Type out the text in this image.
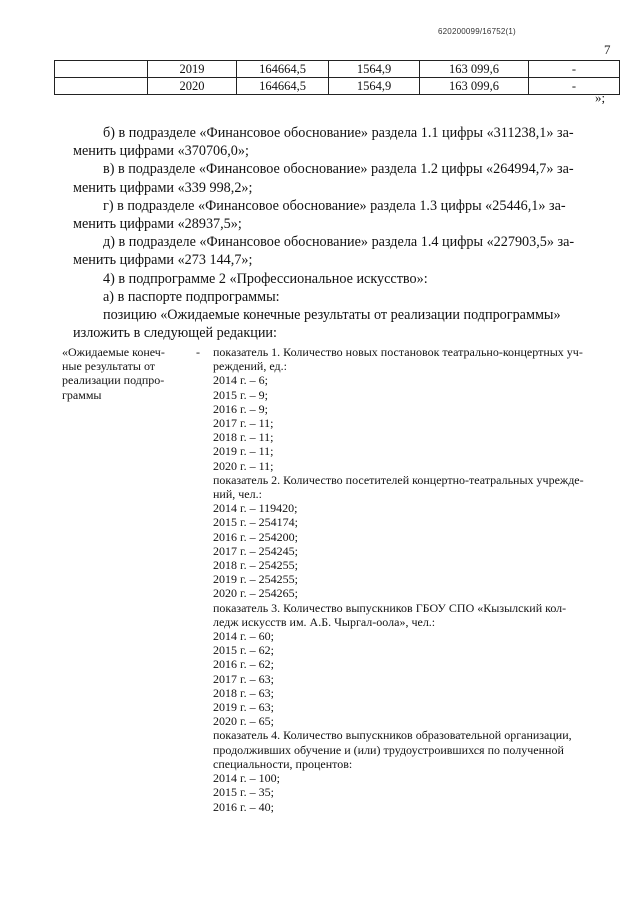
620200099/16752(1)
7
	2019	164664,5	1564,9	163 099,6	-
	2020	164664,5	1564,9	163 099,6	-
»;

б) в подразделе «Финансовое обоснование» раздела 1.1 цифры «311238,1» за-

менить цифрами «370706,0»;

в) в подразделе «Финансовое обоснование» раздела 1.2 цифры «264994,7» за-

менить цифрами «339 998,2»;

г) в подразделе «Финансовое обоснование» раздела 1.3 цифры «25446,1» за-

менить цифрами «28937,5»;

д) в подразделе «Финансовое обоснование» раздела 1.4 цифры «227903,5» за-

менить цифрами «273 144,7»;

4) в подпрограмме 2 «Профессиональное искусство»:

а) в паспорте подпрограммы:

позицию «Ожидаемые конечные результаты от реализации подпрограммы»

изложить в следующей редакции:

«Ожидаемые конеч-
ные результаты от
реализации подпро-
граммы
- показатель 1. Количество новых постановок театрально-концертных уч-
реждений, ед.:
2014 г. – 6;
2015 г. – 9;
2016 г. – 9;
2017 г. – 11;
2018 г. – 11;
2019 г. – 11;
2020 г. – 11;
показатель 2. Количество посетителей концертно-театральных учрежде-
ний, чел.:
2014 г. – 119420;
2015 г. – 254174;
2016 г. – 254200;
2017 г. – 254245;
2018 г. – 254255;
2019 г. – 254255;
2020 г. – 254265;
показатель 3. Количество выпускников ГБОУ СПО «Кызылский кол-
ледж искусств им. А.Б. Чыргал-оола», чел.:
2014 г. – 60;
2015 г. – 62;
2016 г. – 62;
2017 г. – 63;
2018 г. – 63;
2019 г. – 63;
2020 г. – 65;
показатель 4. Количество выпускников образовательной организации,
продолживших обучение и (или) трудоустроившихся по полученной
специальности, процентов:
2014 г. – 100;
2015 г. – 35;
2016 г. – 40;
